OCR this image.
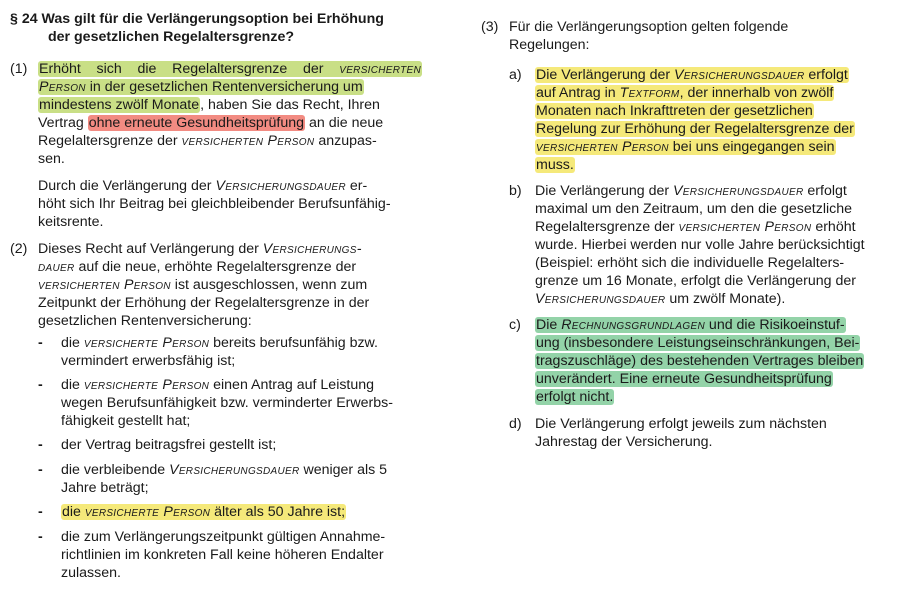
§ 24 Was gilt für die Verlängerungsoption bei Erhöhung
der gesetzlichen Regelaltersgrenze?
(1) Erhöht sich die Regelaltersgrenze der versicherten
Person in der gesetzlichen Rentenversicherung um
mindestens zwölf Monate, haben Sie das Recht, Ihren
Vertrag ohne erneute Gesundheitsprüfung an die neue
Regelaltersgrenze der versicherten Person anzupas-
sen.
Durch die Verlängerung der Versicherungsdauer er-
höht sich Ihr Beitrag bei gleichbleibender Berufsunfähig-
keitsrente.
(2) Dieses Recht auf Verlängerung der Versicherungs-
dauer auf die neue, erhöhte Regelaltersgrenze der
versicherten Person ist ausgeschlossen, wenn zum
Zeitpunkt der Erhöhung der Regelaltersgrenze in der
gesetzlichen Rentenversicherung:
- die versicherte Person bereits berufsunfähig bzw.
vermindert erwerbsfähig ist;
- die versicherte Person einen Antrag auf Leistung
wegen Berufsunfähigkeit bzw. verminderter Erwerbs-
fähigkeit gestellt hat;
- der Vertrag beitragsfrei gestellt ist;
- die verbleibende Versicherungsdauer weniger als 5
Jahre beträgt;
- die versicherte Person älter als 50 Jahre ist;
- die zum Verlängerungszeitpunkt gültigen Annahme-
richtlinien im konkreten Fall keine höheren Endalter
zulassen.
(3) Für die Verlängerungsoption gelten folgende
Regelungen:
a) Die Verlängerung der Versicherungsdauer erfolgt
auf Antrag in Textform, der innerhalb von zwölf
Monaten nach Inkrafttreten der gesetzlichen
Regelung zur Erhöhung der Regelaltersgrenze der
versicherten Person bei uns eingegangen sein
muss.
b) Die Verlängerung der Versicherungsdauer erfolgt
maximal um den Zeitraum, um den die gesetzliche
Regelaltersgrenze der versicherten Person erhöht
wurde. Hierbei werden nur volle Jahre berücksichtigt
(Beispiel: erhöht sich die individuelle Regelalters-
grenze um 16 Monate, erfolgt die Verlängerung der
Versicherungsdauer um zwölf Monate).
c) Die Rechnungsgrundlagen und die Risikoeinstuf-
ung (insbesondere Leistungseinschränkungen, Bei-
tragszuschläge) des bestehenden Vertrages bleiben
unverändert. Eine erneute Gesundheitsprüfung
erfolgt nicht.
d) Die Verlängerung erfolgt jeweils zum nächsten
Jahrestag der Versicherung.
